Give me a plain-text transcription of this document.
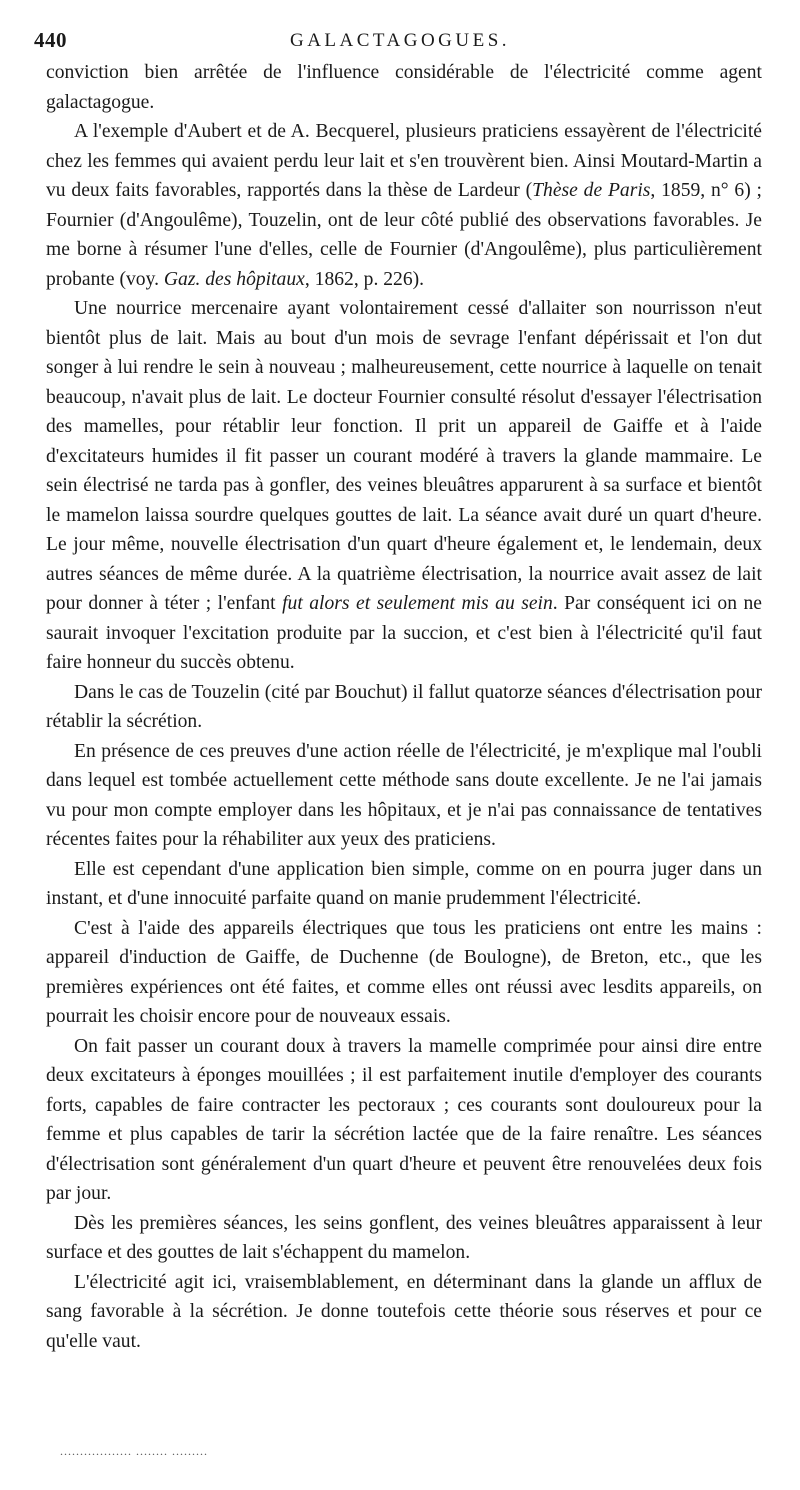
440	GALACTAGOGUES.

conviction bien arrêtée de l'influence considérable de l'électricité comme agent galactagogue.

A l'exemple d'Aubert et de A. Becquerel, plusieurs praticiens essayèrent de l'électricité chez les femmes qui avaient perdu leur lait et s'en trouvèrent bien. Ainsi Moutard-Martin a vu deux faits favorables, rapportés dans la thèse de Lardeur (Thèse de Paris, 1859, n° 6) ; Fournier (d'Angoulême), Touzelin, ont de leur côté publié des observations favorables. Je me borne à résumer l'une d'elles, celle de Fournier (d'Angoulême), plus particulièrement probante (voy. Gaz. des hôpitaux, 1862, p. 226).

Une nourrice mercenaire ayant volontairement cessé d'allaiter son nourrisson n'eut bientôt plus de lait. Mais au bout d'un mois de sevrage l'enfant dépérissait et l'on dut songer à lui rendre le sein à nouveau ; malheureusement, cette nourrice à laquelle on tenait beaucoup, n'avait plus de lait. Le docteur Fournier consulté résolut d'essayer l'électrisation des mamelles, pour rétablir leur fonction. Il prit un appareil de Gaiffe et à l'aide d'excitateurs humides il fit passer un courant modéré à travers la glande mammaire. Le sein électrisé ne tarda pas à gonfler, des veines bleuâtres apparurent à sa surface et bientôt le mamelon laissa sourdre quelques gouttes de lait. La séance avait duré un quart d'heure. Le jour même, nouvelle électrisation d'un quart d'heure également et, le lendemain, deux autres séances de même durée. A la quatrième électrisation, la nourrice avait assez de lait pour donner à téter ; l'enfant fut alors et seulement mis au sein. Par conséquent ici on ne saurait invoquer l'excitation produite par la succion, et c'est bien à l'électricité qu'il faut faire honneur du succès obtenu.

Dans le cas de Touzelin (cité par Bouchut) il fallut quatorze séances d'électrisation pour rétablir la sécrétion.

En présence de ces preuves d'une action réelle de l'électricité, je m'explique mal l'oubli dans lequel est tombée actuellement cette méthode sans doute excellente. Je ne l'ai jamais vu pour mon compte employer dans les hôpitaux, et je n'ai pas connaissance de tentatives récentes faites pour la réhabiliter aux yeux des praticiens.

Elle est cependant d'une application bien simple, comme on en pourra juger dans un instant, et d'une innocuité parfaite quand on manie prudemment l'électricité.

C'est à l'aide des appareils électriques que tous les praticiens ont entre les mains : appareil d'induction de Gaiffe, de Duchenne (de Boulogne), de Breton, etc., que les premières expériences ont été faites, et comme elles ont réussi avec lesdits appareils, on pourrait les choisir encore pour de nouveaux essais.

On fait passer un courant doux à travers la mamelle comprimée pour ainsi dire entre deux excitateurs à éponges mouillées ; il est parfaitement inutile d'employer des courants forts, capables de faire contracter les pectoraux ; ces courants sont douloureux pour la femme et plus capables de tarir la sécrétion lactée que de la faire renaître. Les séances d'électrisation sont généralement d'un quart d'heure et peuvent être renouvelées deux fois par jour.

Dès les premières séances, les seins gonflent, des veines bleuâtres apparaissent à leur surface et des gouttes de lait s'échappent du mamelon.

L'électricité agit ici, vraisemblablement, en déterminant dans la glande un afflux de sang favorable à la sécrétion. Je donne toutefois cette théorie sous réserves et pour ce qu'elle vaut.

.................. ........ .........
